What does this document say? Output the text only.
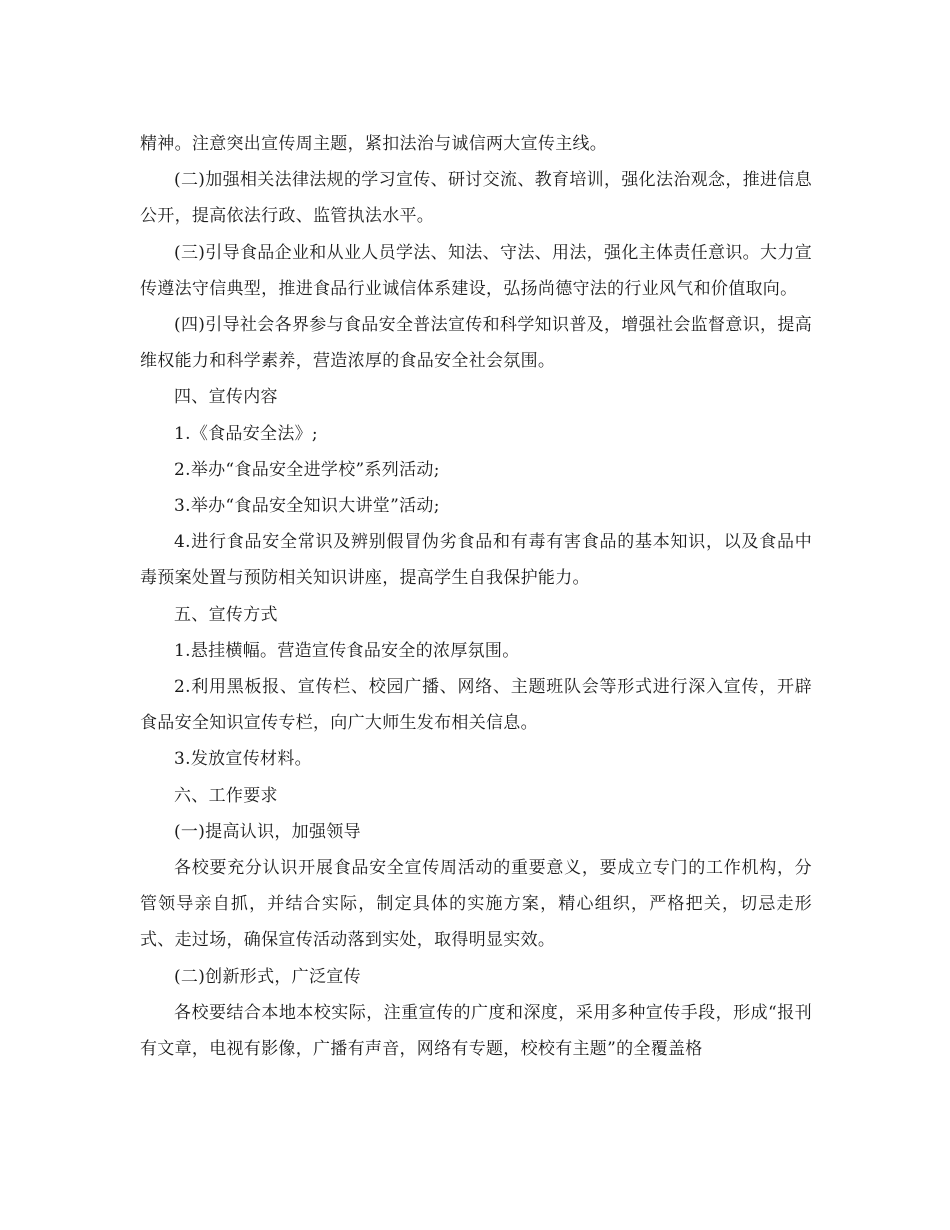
精神。注意突出宣传周主题，紧扣法治与诚信两大宣传主线。

(二)加强相关法律法规的学习宣传、研讨交流、教育培训，强化法治观念，推进信息公开，提高依法行政、监管执法水平。

(三)引导食品企业和从业人员学法、知法、守法、用法，强化主体责任意识。大力宣传遵法守信典型，推进食品行业诚信体系建设，弘扬尚德守法的行业风气和价值取向。

(四)引导社会各界参与食品安全普法宣传和科学知识普及，增强社会监督意识，提高维权能力和科学素养，营造浓厚的食品安全社会氛围。

四、宣传内容

1.《食品安全法》;

2.举办“食品安全进学校”系列活动;

3.举办“食品安全知识大讲堂”活动;

4.进行食品安全常识及辨别假冒伪劣食品和有毒有害食品的基本知识，以及食品中毒预案处置与预防相关知识讲座，提高学生自我保护能力。

五、宣传方式

1.悬挂横幅。营造宣传食品安全的浓厚氛围。

2.利用黑板报、宣传栏、校园广播、网络、主题班队会等形式进行深入宣传，开辟食品安全知识宣传专栏，向广大师生发布相关信息。

3.发放宣传材料。

六、工作要求

(一)提高认识，加强领导

各校要充分认识开展食品安全宣传周活动的重要意义，要成立专门的工作机构，分管领导亲自抓，并结合实际，制定具体的实施方案，精心组织，严格把关，切忌走形式、走过场，确保宣传活动落到实处，取得明显实效。

(二)创新形式，广泛宣传

各校要结合本地本校实际，注重宣传的广度和深度，采用多种宣传手段，形成“报刊有文章，电视有影像，广播有声音，网络有专题，校校有主题”的全覆盖格
